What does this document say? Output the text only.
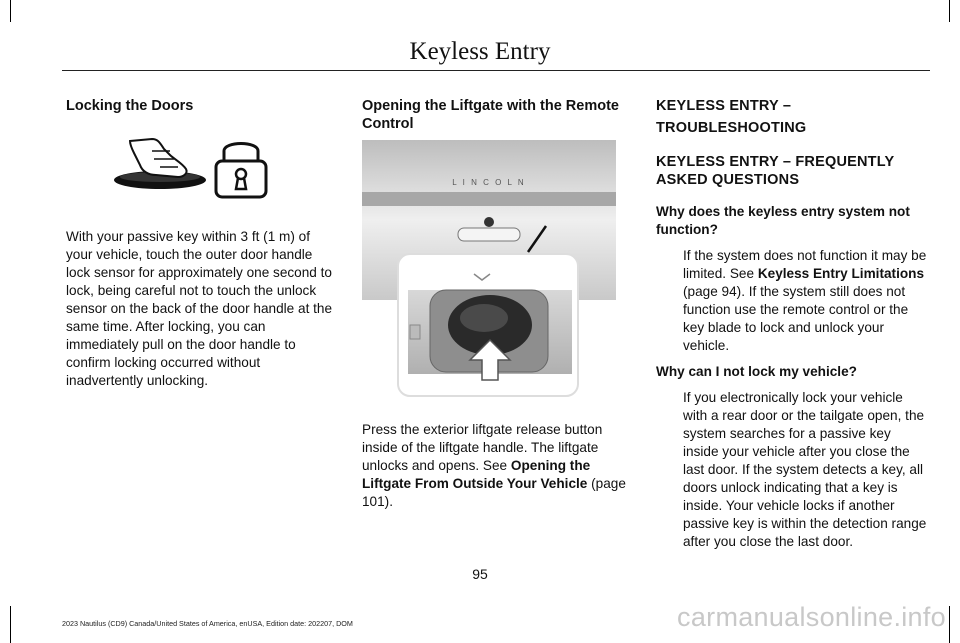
Keyless Entry
Locking the Doors

With your passive key within 3 ft (1 m) of your vehicle, touch the outer door handle lock sensor for approximately one second to lock, being careful not to touch the unlock sensor on the back of the door handle at the same time. After locking, you can immediately pull on the door handle to confirm locking occurred without inadvertently unlocking.

Opening the Liftgate with the Remote Control

Press the exterior liftgate release button inside of the liftgate handle. The liftgate unlocks and opens. See Opening the Liftgate From Outside Your Vehicle (page 101).

L I N C O L N
KEYLESS ENTRY –
TROUBLESHOOTING
KEYLESS ENTRY – FREQUENTLY ASKED QUESTIONS

Why does the keyless entry system not function?

If the system does not function it may be limited. See Keyless Entry Limitations (page 94). If the system still does not function use the remote control or the key blade to lock and unlock your vehicle.

Why can I not lock my vehicle?

If you electronically lock your vehicle with a rear door or the tailgate open, the system searches for a passive key inside your vehicle after you close the last door. If the system detects a key, all doors unlock indicating that a key is inside. Your vehicle locks if another passive key is within the detection range after you close the last door.

95
2023 Nautilus (CD9) Canada/United States of America, enUSA, Edition date: 202207, DOM	carmanualsonline.info
